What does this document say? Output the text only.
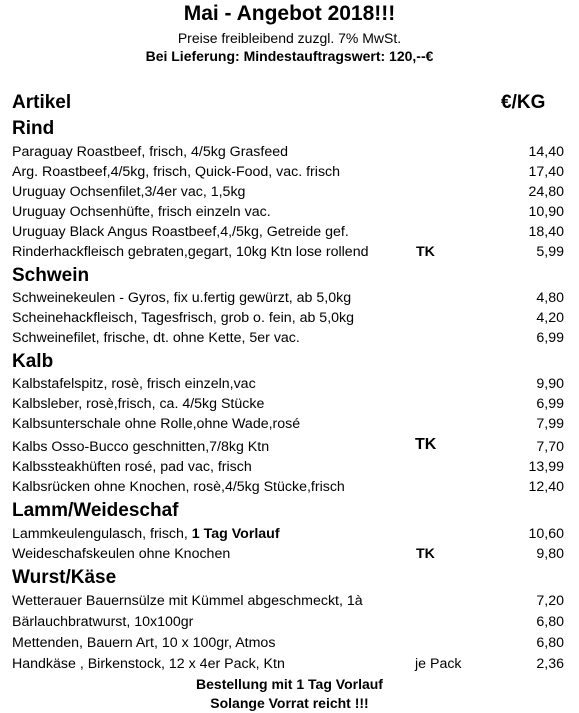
Mai - Angebot 2018!!!
Preise freibleibend zuzgl. 7% MwSt.
Bei Lieferung: Mindestauftragswert: 120,--€
Artikel	€/KG
Rind
Paraguay Roastbeef, frisch, 4/5kg Grasfeed	14,40
Arg. Roastbeef,4/5kg, frisch, Quick-Food, vac. frisch	17,40
Uruguay Ochsenfilet,3/4er vac, 1,5kg	24,80
Uruguay Ochsenhüfte, frisch einzeln vac.	10,90
Uruguay Black Angus Roastbeef,4,/5kg, Getreide gef.	18,40
Rinderhackfleisch gebraten,gegart, 10kg Ktn lose rollend	TK	5,99
Schwein
Schweinekeulen - Gyros, fix u.fertig gewürzt, ab 5,0kg	4,80
Scheinehackfleisch, Tagesfrisch, grob o. fein, ab 5,0kg	4,20
Schweinefilet, frische, dt. ohne Kette, 5er vac.	6,99
Kalb
Kalbstafelspitz, rosè, frisch einzeln,vac	9,90
Kalbsleber, rosè,frisch, ca. 4/5kg Stücke	6,99
Kalbsunterschale ohne Rolle,ohne Wade,rosé	7,99
Kalbs Osso-Bucco geschnitten,7/8kg Ktn	TK	7,70
Kalbssteakhüften rosé, pad vac, frisch	13,99
Kalbsrücken ohne Knochen, rosè,4/5kg Stücke,frisch	12,40
Lamm/Weideschaf
Lammkeulengulasch, frisch, 1 Tag Vorlauf	10,60
Weideschafskeulen ohne Knochen	TK	9,80
Wurst/Käse
Wetterauer Bauernsülze mit Kümmel abgeschmeckt, 1à	7,20
Bärlauchbratwurst, 10x100gr	6,80
Mettenden, Bauern Art, 10 x 100gr, Atmos	6,80
Handkäse , Birkenstock, 12 x 4er Pack, Ktn	je Pack	2,36
Bestellung mit 1 Tag Vorlauf
Solange Vorrat reicht !!!
